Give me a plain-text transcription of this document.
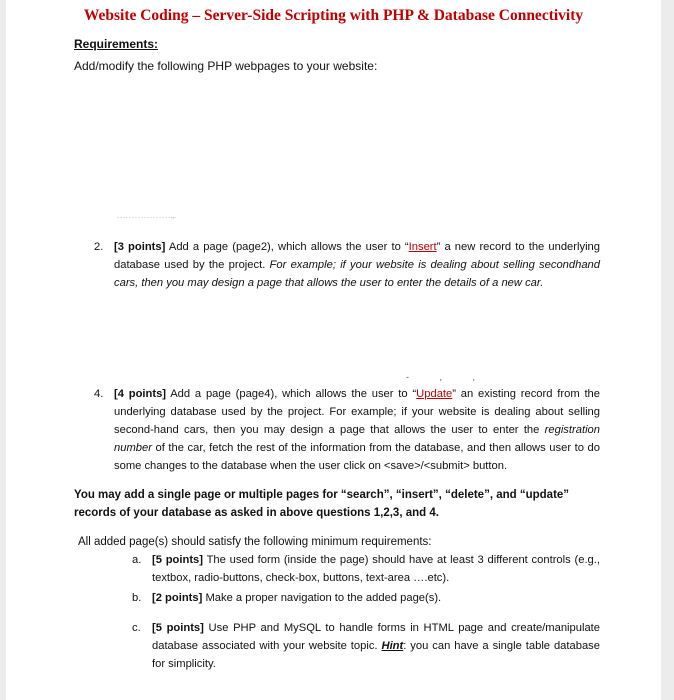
Website Coding – Server-Side Scripting with PHP & Database Connectivity
Requirements:
Add/modify the following PHP webpages to your website:
……………….,.
2. [3 points] Add a page (page2), which allows the user to “Insert” a new record to the underlying database used by the project. For example; if your website is dealing about selling secondhand cars, then you may design a page that allows the user to enter the details of a new car.
- , ,
4. [4 points] Add a page (page4), which allows the user to “Update” an existing record from the underlying database used by the project. For example; if your website is dealing about selling second-hand cars, then you may design a page that allows the user to enter the registration number of the car, fetch the rest of the information from the database, and then allows user to do some changes to the database when the user click on <save>/<submit> button.
You may add a single page or multiple pages for “search”, “insert”, “delete”, and “update” records of your database as asked in above questions 1,2,3, and 4.
All added page(s) should satisfy the following minimum requirements:
a. [5 points] The used form (inside the page) should have at least 3 different controls (e.g., textbox, radio-buttons, check-box, buttons, text-area ….etc).
b. [2 points] Make a proper navigation to the added page(s).
c. [5 points] Use PHP and MySQL to handle forms in HTML page and create/manipulate database associated with your website topic. Hint: you can have a single table database for simplicity.
